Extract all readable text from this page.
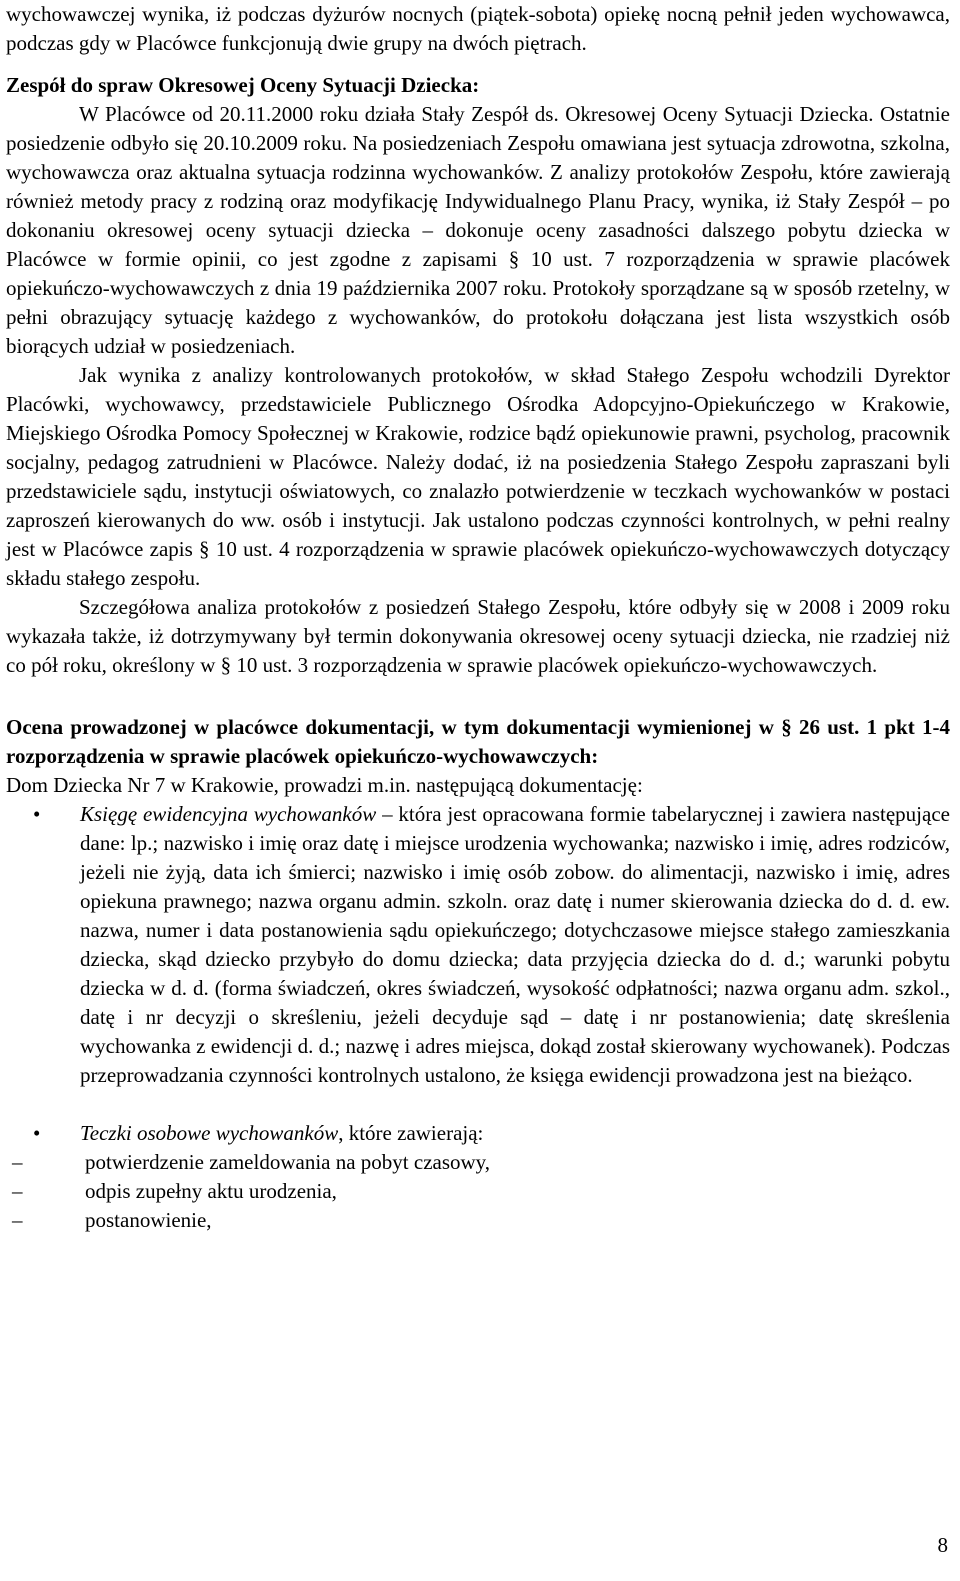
wychowawczej wynika, iż podczas dyżurów nocnych (piątek-sobota) opiekę nocną pełnił jeden wychowawca, podczas gdy w Placówce funkcjonują dwie grupy na dwóch piętrach.

Zespół do spraw Okresowej Oceny Sytuacji Dziecka:

W Placówce od 20.11.2000 roku działa Stały Zespół ds. Okresowej Oceny Sytuacji Dziecka. Ostatnie posiedzenie odbyło się 20.10.2009 roku. Na posiedzeniach Zespołu omawiana jest sytuacja zdrowotna, szkolna, wychowawcza oraz aktualna sytuacja rodzinna wychowanków. Z analizy protokołów Zespołu, które zawierają również metody pracy z rodziną oraz modyfikację Indywidualnego Planu Pracy, wynika, iż Stały Zespół – po dokonaniu okresowej oceny sytuacji dziecka – dokonuje oceny zasadności dalszego pobytu dziecka w Placówce w formie opinii, co jest zgodne z zapisami § 10 ust. 7 rozporządzenia w sprawie placówek opiekuńczo-wychowawczych z dnia 19 października 2007 roku. Protokoły sporządzane są w sposób rzetelny, w pełni obrazujący sytuację każdego z wychowanków, do protokołu dołączana jest lista wszystkich osób biorących udział w posiedzeniach.

Jak wynika z analizy kontrolowanych protokołów, w skład Stałego Zespołu wchodzili Dyrektor Placówki, wychowawcy, przedstawiciele Publicznego Ośrodka Adopcyjno-Opiekuńczego w Krakowie, Miejskiego Ośrodka Pomocy Społecznej w Krakowie, rodzice bądź opiekunowie prawni, psycholog, pracownik socjalny, pedagog zatrudnieni w Placówce. Należy dodać, iż na posiedzenia Stałego Zespołu zapraszani byli przedstawiciele sądu, instytucji oświatowych, co znalazło potwierdzenie w teczkach wychowanków w postaci zaproszeń kierowanych do ww. osób i instytucji. Jak ustalono podczas czynności kontrolnych, w pełni realny jest w Placówce zapis § 10 ust. 4 rozporządzenia w sprawie placówek opiekuńczo-wychowawczych dotyczący składu stałego zespołu.

Szczegółowa analiza protokołów z posiedzeń Stałego Zespołu, które odbyły się w 2008 i 2009 roku wykazała także, iż dotrzymywany był termin dokonywania okresowej oceny sytuacji dziecka, nie rzadziej niż co pół roku, określony w § 10 ust. 3 rozporządzenia w sprawie placówek opiekuńczo-wychowawczych.

Ocena prowadzonej w placówce dokumentacji, w tym dokumentacji wymienionej w § 26 ust. 1 pkt 1-4 rozporządzenia w sprawie placówek opiekuńczo-wychowawczych:

Dom Dziecka Nr 7 w Krakowie, prowadzi m.in. następującą dokumentację:

• Księgę ewidencyjna wychowanków – która jest opracowana formie tabelarycznej i zawiera następujące dane: lp.; nazwisko i imię oraz datę i miejsce urodzenia wychowanka; nazwisko i imię, adres rodziców, jeżeli nie żyją, data ich śmierci; nazwisko i imię osób zobow. do alimentacji, nazwisko i imię, adres opiekuna prawnego; nazwa organu admin. szkoln. oraz datę i numer skierowania dziecka do d. d. ew. nazwa, numer i data postanowienia sądu opiekuńczego; dotychczasowe miejsce stałego zamieszkania dziecka, skąd dziecko przybyło do domu dziecka; data przyjęcia dziecka do d. d.; warunki pobytu dziecka w d. d. (forma świadczeń, okres świadczeń, wysokość odpłatności; nazwa organu adm. szkol., datę i nr decyzji o skreśleniu, jeżeli decyduje sąd – datę i nr postanowienia; datę skreślenia wychowanka z ewidencji d. d.; nazwę i adres miejsca, dokąd został skierowany wychowanek). Podczas przeprowadzania czynności kontrolnych ustalono, że księga ewidencji prowadzona jest na bieżąco.
• Teczki osobowe wychowanków, które zawierają:
–	potwierdzenie zameldowania na pobyt czasowy,
–	odpis zupełny aktu urodzenia,
–	postanowienie,
8
